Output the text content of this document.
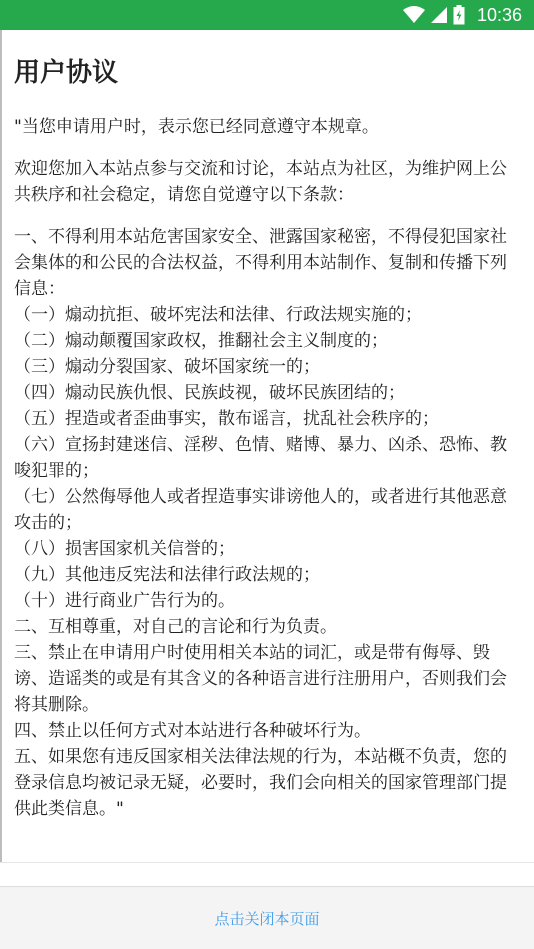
10:36
用户协议

"当您申请用户时，表示您已经同意遵守本规章。

欢迎您加入本站点参与交流和讨论，本站点为社区，为维护网上公共秩序和社会稳定，请您自觉遵守以下条款：

一、不得利用本站危害国家安全、泄露国家秘密，不得侵犯国家社会集体的和公民的合法权益，不得利用本站制作、复制和传播下列信息：

（一）煽动抗拒、破坏宪法和法律、行政法规实施的；

（二）煽动颠覆国家政权，推翻社会主义制度的；

（三）煽动分裂国家、破坏国家统一的；

（四）煽动民族仇恨、民族歧视，破坏民族团结的；

（五）捏造或者歪曲事实，散布谣言，扰乱社会秩序的；

（六）宣扬封建迷信、淫秽、色情、赌博、暴力、凶杀、恐怖、教唆犯罪的；

（七）公然侮辱他人或者捏造事实诽谤他人的，或者进行其他恶意攻击的；

（八）损害国家机关信誉的；

（九）其他违反宪法和法律行政法规的；

（十）进行商业广告行为的。

二、互相尊重，对自己的言论和行为负责。

三、禁止在申请用户时使用相关本站的词汇，或是带有侮辱、毁谤、造谣类的或是有其含义的各种语言进行注册用户，否则我们会将其删除。

四、禁止以任何方式对本站进行各种破坏行为。

五、如果您有违反国家相关法律法规的行为，本站概不负责，您的登录信息均被记录无疑，必要时，我们会向相关的国家管理部门提供此类信息。"

点击关闭本页面
